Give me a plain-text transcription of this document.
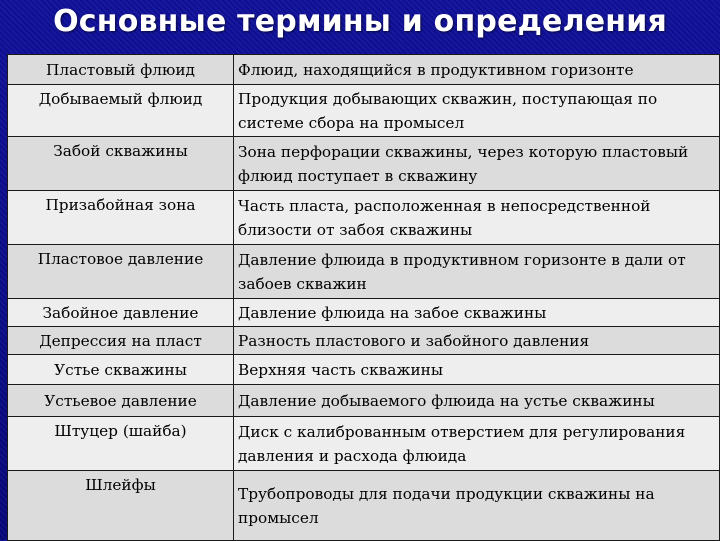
Основные термины и определения
Пластовый флюид	Флюид, находящийся в продуктивном горизонте
Добываемый флюид	Продукция добывающих скважин, поступающая по системе сбора на промысел
Забой скважины	Зона перфорации скважины, через которую пластовый флюид поступает в скважину
Призабойная зона	Часть пласта, расположенная в непосредственной близости от забоя скважины
Пластовое давление	Давление флюида в продуктивном горизонте в дали от забоев скважин
Забойное давление	Давление флюида на забое скважины
Депрессия на пласт	Разность пластового и забойного давления
Устье скважины	Верхняя часть скважины
Устьевое давление	Давление добываемого флюида на устье скважины
Штуцер (шайба)	Диск с калиброванным отверстием для регулирования давления и расхода флюида
Шлейфы	Трубопроводы для подачи продукции скважины на промысел
